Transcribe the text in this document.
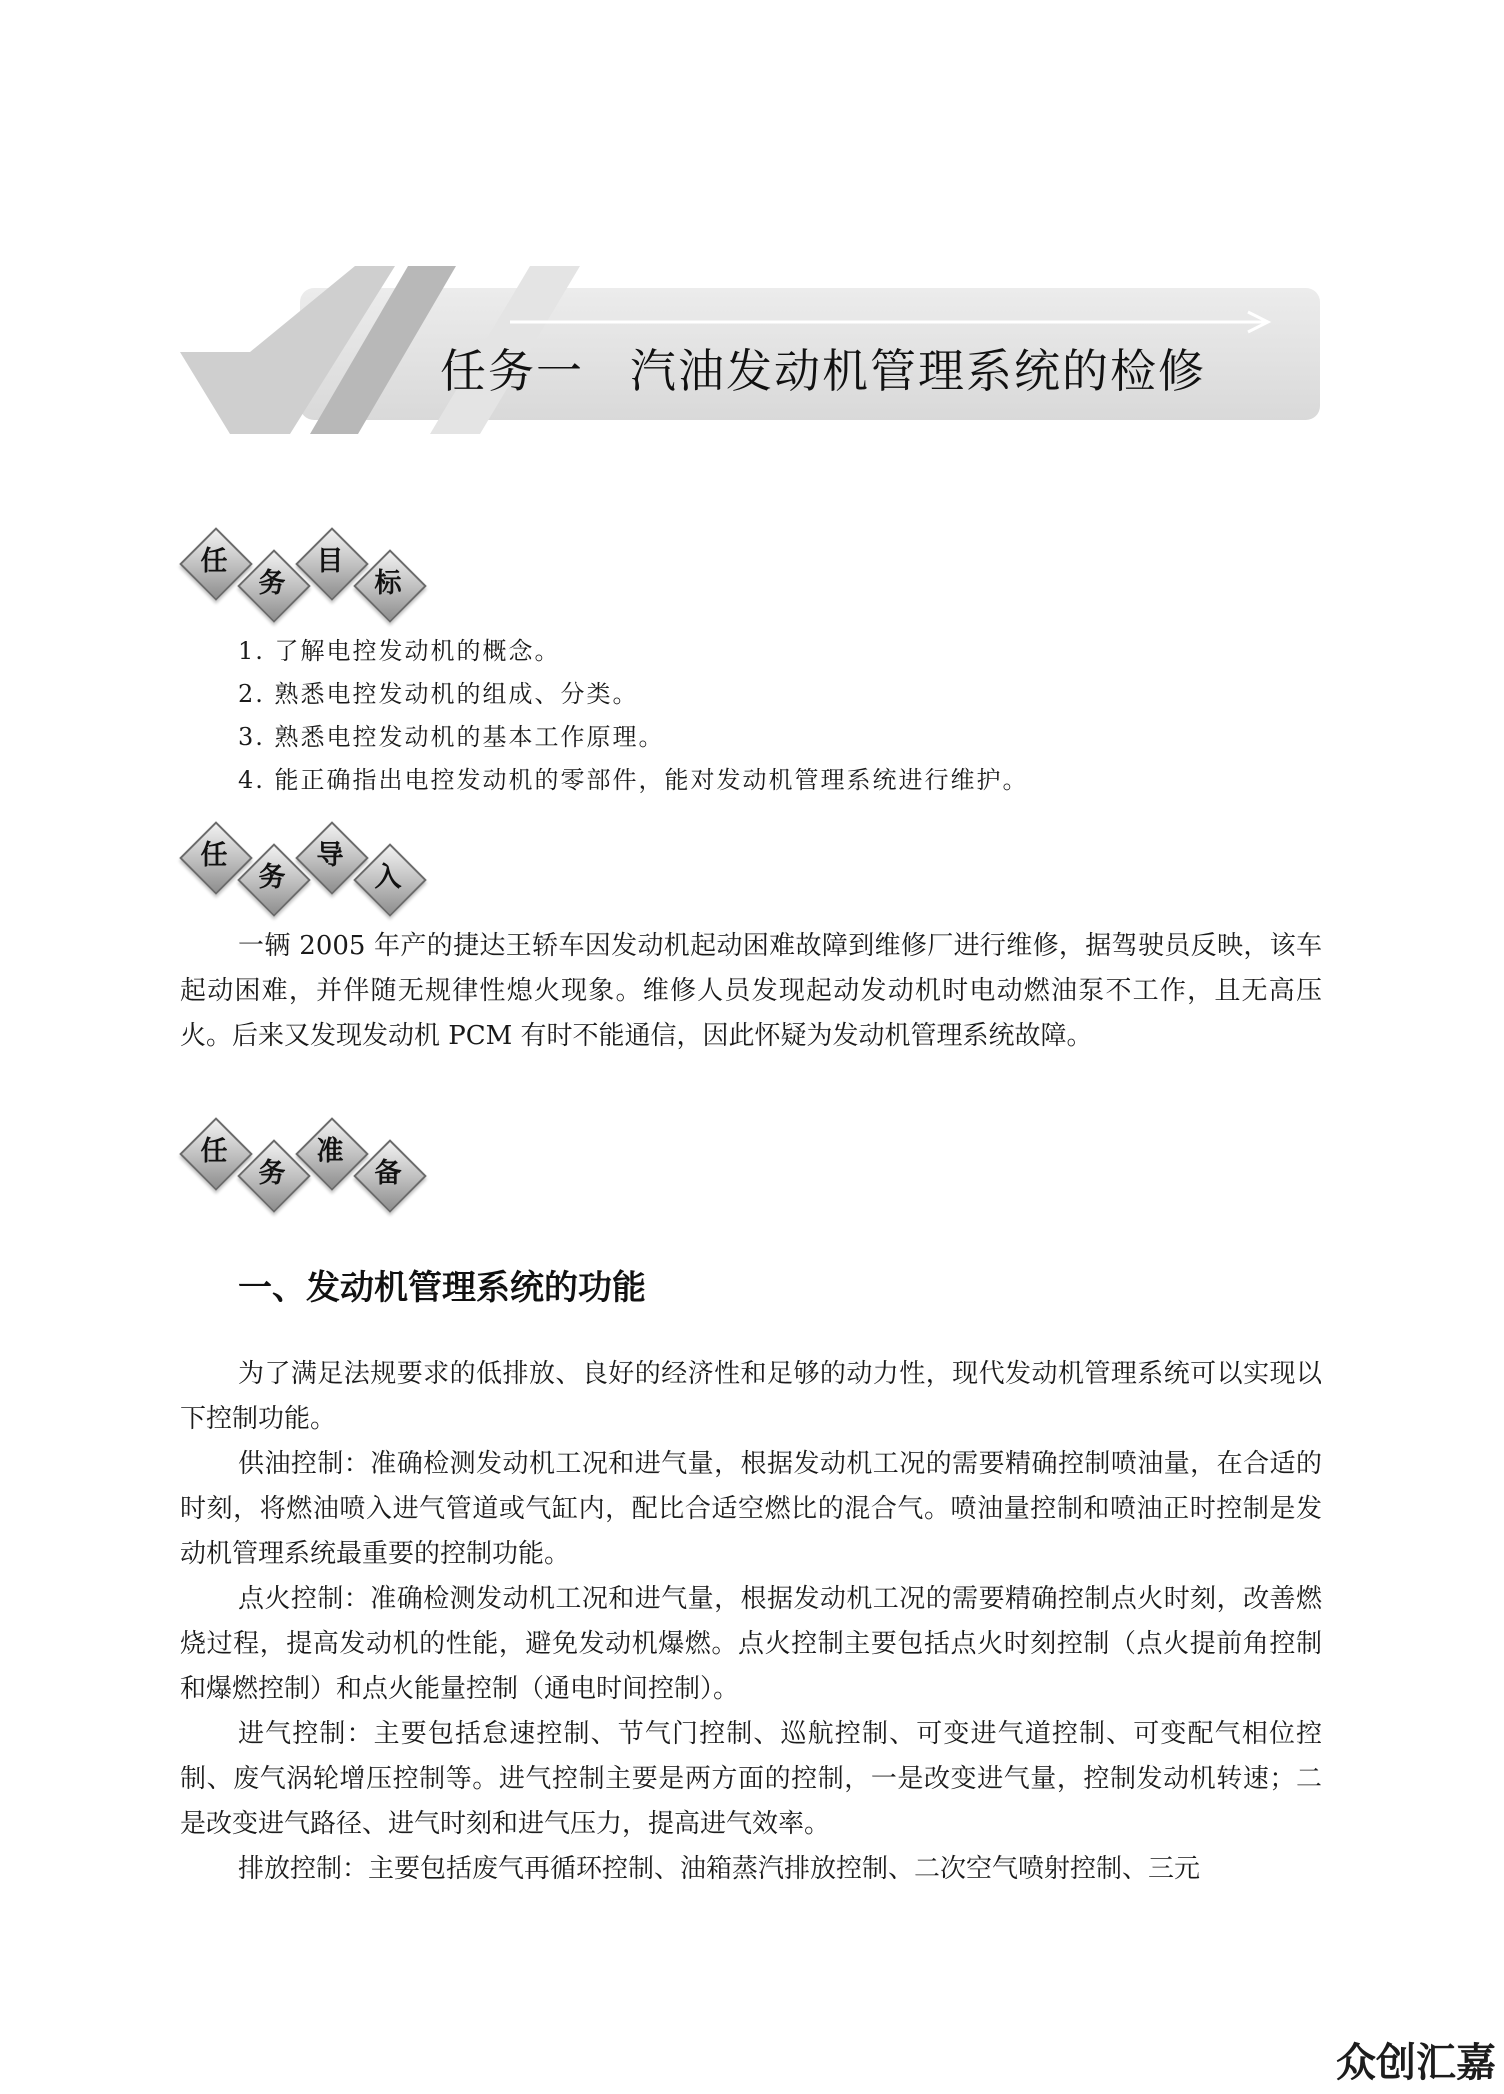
任务一 汽油发动机管理系统的检修
任
务
目
标
1. 了解电控发动机的概念。
2. 熟悉电控发动机的组成、分类。
3. 熟悉电控发动机的基本工作原理。
4. 能正确指出电控发动机的零部件，能对发动机管理系统进行维护。
任
务
导
入

一辆 2005 年产的捷达王轿车因发动机起动困难故障到维修厂进行维修，据驾驶员反映，该车起动困难，并伴随无规律性熄火现象。维修人员发现起动发动机时电动燃油泵不工作，且无高压火。后来又发现发动机 PCM 有时不能通信，因此怀疑为发动机管理系统故障。

任
务
准
备
一、发动机管理系统的功能

为了满足法规要求的低排放、良好的经济性和足够的动力性，现代发动机管理系统可以实现以下控制功能。

供油控制：准确检测发动机工况和进气量，根据发动机工况的需要精确控制喷油量，在合适的时刻，将燃油喷入进气管道或气缸内，配比合适空燃比的混合气。喷油量控制和喷油正时控制是发动机管理系统最重要的控制功能。

点火控制：准确检测发动机工况和进气量，根据发动机工况的需要精确控制点火时刻，改善燃烧过程，提高发动机的性能，避免发动机爆燃。点火控制主要包括点火时刻控制（点火提前角控制和爆燃控制）和点火能量控制（通电时间控制）。

进气控制：主要包括怠速控制、节气门控制、巡航控制、可变进气道控制、可变配气相位控制、废气涡轮增压控制等。进气控制主要是两方面的控制，一是改变进气量，控制发动机转速；二是改变进气路径、进气时刻和进气压力，提高进气效率。

排放控制：主要包括废气再循环控制、油箱蒸汽排放控制、二次空气喷射控制、三元

众创汇嘉
